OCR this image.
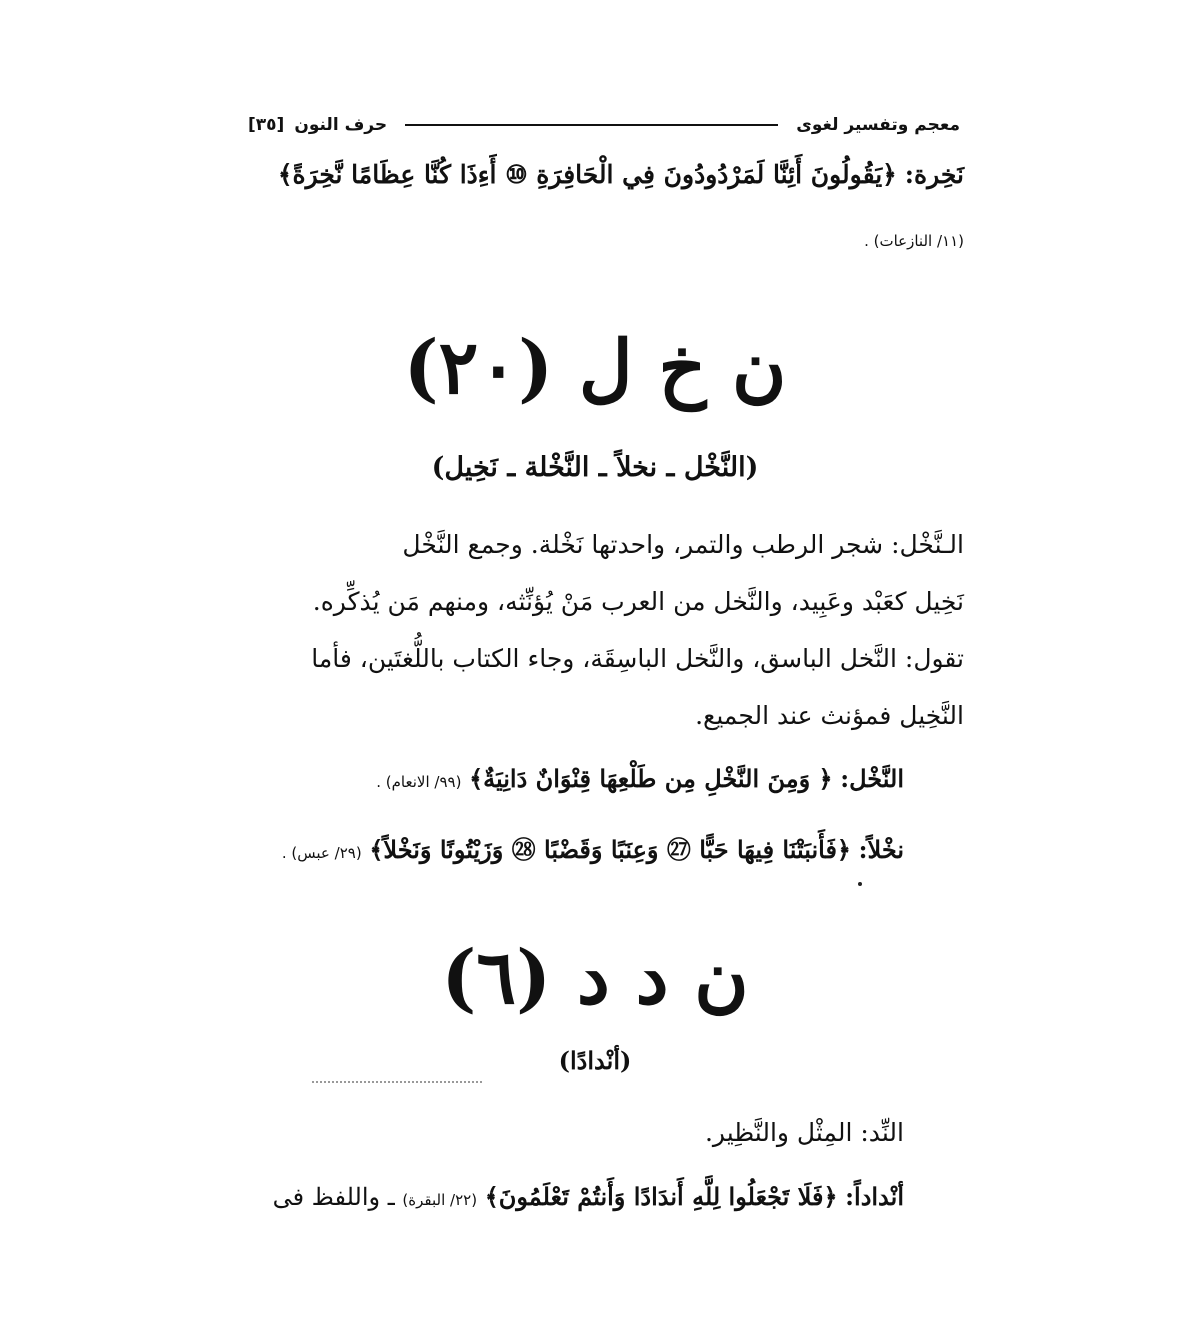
معجم وتفسير لغوى
حرف النون
[٣٥]
نَخِرة: ﴿يَقُولُونَ أَئِنَّا لَمَرْدُودُونَ فِي الْحَافِرَةِ ⑩ أَءِذَا كُنَّا عِظَامًا نَّخِرَةً﴾
(١١/ النازعات) .
ن خ ل (٢٠)
(النَّخْل ـ نخلاً ـ النَّخْلة ـ نَخِيل)
الـنَّخْل: شجر الرطب والتمر، واحدتها نَخْلة. وجمع النَّخْل
نَخِيل كعَبْد وعَبِيد، والنَّخل من العرب مَنْ يُؤنِّثه، ومنهم مَن يُذكِّره.
تقول: النَّخل الباسق، والنَّخل الباسِقَة، وجاء الكتاب باللُّغتَين، فأما
النَّخِيل فمؤنث عند الجميع.
النَّخْل: ﴿ وَمِنَ النَّخْلِ مِن طَلْعِهَا قِنْوَانٌ دَانِيَةٌ﴾ (٩٩/ الانعام) .
نخْلاً: ﴿فَأَنبَتْنَا فِيهَا حَبًّا ㉗ وَعِنَبًا وَقَضْبًا ㉘ وَزَيْتُونًا وَنَخْلاً﴾ (٢٩/ عبس) .
ن د د (٦)
(أنْدادًا)
النِّد: المِثْل والنَّظِير.
أنْداداً: ﴿فَلَا تَجْعَلُوا لِلَّهِ أَندَادًا وَأَنتُمْ تَعْلَمُونَ﴾ (٢٢/ البقرة) ـ واللفظ فى
